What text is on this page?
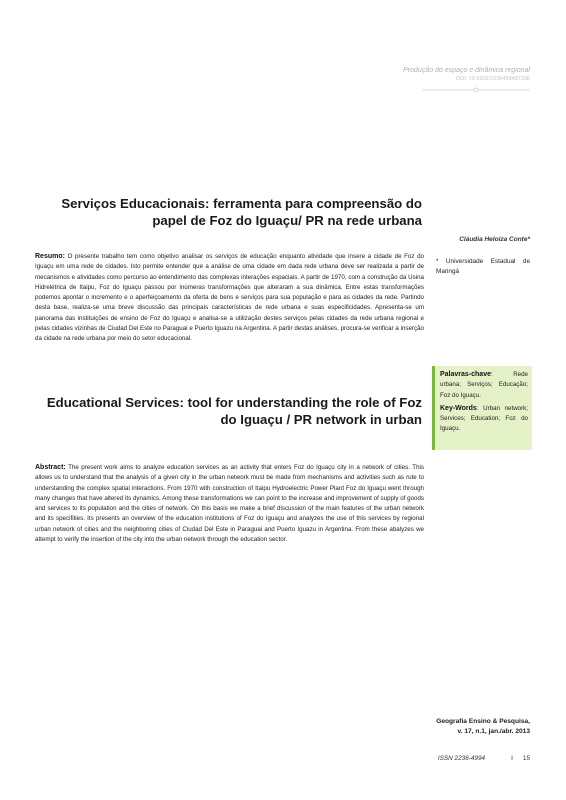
Produção do espaço e dinâmica regional
DOI: 10.5902/2236499487336
Serviços Educacionais: ferramenta para compreensão do papel de Foz do Iguaçu/ PR na rede urbana
Cláudia Heloiza Conte*
* Universidade Estadual de Maringá
Resumo: O presente trabalho tem como objetivo analisar os serviços de educação enquanto atividade que insere a cidade de Foz do Iguaçu em uma rede de cidades. Isto permite entender que a análise de uma cidade em dada rede urbana deve ser realizada a partir de mecanismos e atividades como percurso ao entendimento das complexas interações espaciais. A partir de 1970, com a construção da Usina Hidrelétrica de Itaipu, Foz do Iguaçu passou por inúmeras transformações que alteraram a sua dinâmica. Entre estas transformações podemos apontar o incremento e o aperfeiçoamento da oferta de bens e serviços para sua população e para as cidades da rede. Partindo desta base, realiza-se uma breve discussão das principais características de rede urbana e suas especificidades. Apresenta-se um panorama das instituições de ensino de Foz do Iguaçu e analisa-se a utilização destes serviços pelas cidades da rede urbana regional e pelas cidades vizinhas de Ciudad Del Este no Paraguai e Puerto Iguazu na Argentina. A partir destas análises, procura-se verificar a inserção da cidade na rede urbana por meio do setor educacional.
Palavras-chave: Rede urbana; Serviços; Educação; Foz do Iguaçu.
Key-Words: Urban network; Services; Education; Foz do Iguaçu.
Educational Services: tool for understanding the role of Foz do Iguaçu / PR network in urban
Abstract: The present work aims to analyze education services as an activity that enters Foz do Iguaçu city in a network of cities. This allows us to understand that the analysis of a given city in the urban network must be made from mechanisms and activities such as rute to understanding the complex spatial interactions. From 1970 with construction of Itaipu Hydroelectric Power Plant Foz do Iguaçu went through many changes that have altered its dynamics. Among these transformations we can point to the increase and improvement of supply of goods and services to its population and the cities of network. On this basis we make a brief discussion of the main features of the urban network and its specifities. Its presents an overview of the education institutions of Foz do Iguaçu and analyzes the use of this services by regional urban network of cities and the neighboring cities of Ciudad Del Este in Paraguai and Puerto Iguazu in Argentina. From these abalyzes we attempt to verify the insertion of the city into the urban network through the education sector.
Geografia Ensino & Pesquisa,
v. 17, n.1, jan./abr. 2013
ISSN 2236-4994	I 15
